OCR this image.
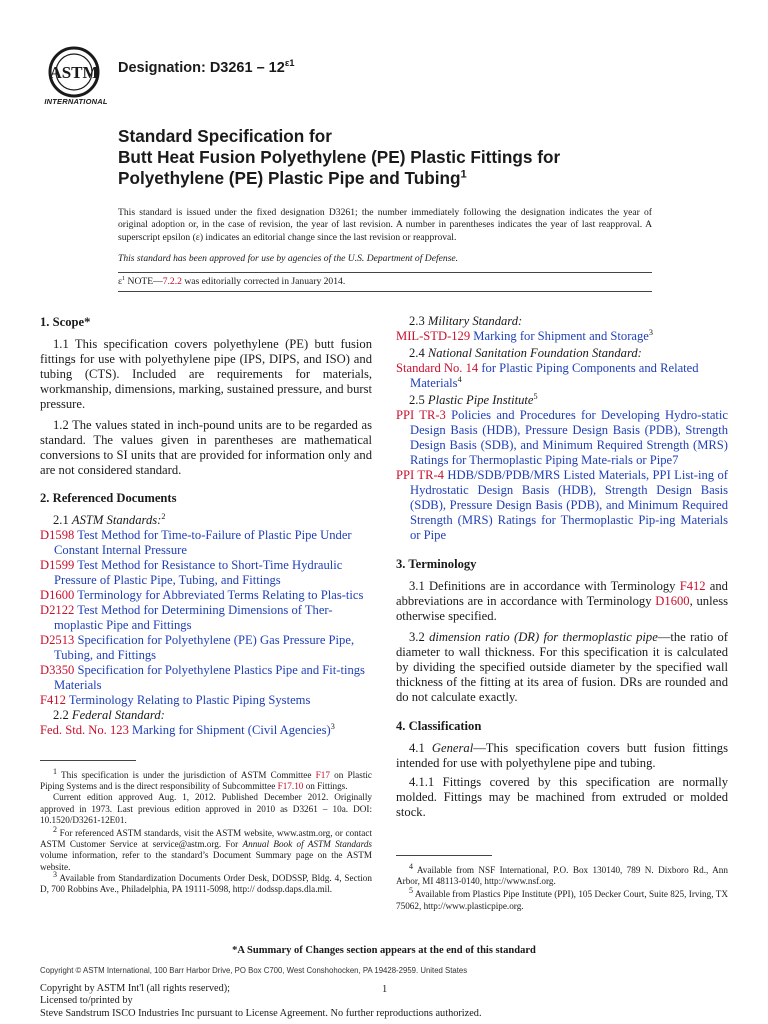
ASTM
INTERNATIONAL
Designation: $D3261 - 12^{\varepsilon 1}$
Standard Specification for
Butt Heat Fusion Polyethylene (PE) Plastic Fittings for
Polyethylene (PE) Plastic Pipe and Tubing$^1$

This standard is issued under the fixed designation D3261; the number immediately following the designation indicates the year of original adoption or, in the case of revision, the year of last revision. A number in parentheses indicates the year of last reapproval. A superscript epsilon (ε) indicates an editorial change since the last revision or reapproval.

This standard has been approved for use by agencies of the U.S. Department of Defense.

$\varepsilon^1$ NOTE—7.2.2 was editorially corrected in January 2014.

1. Scope*

1.1 This specification covers polyethylene (PE) butt fusion fittings for use with polyethylene pipe (IPS, DIPS, and ISO) and tubing (CTS). Included are requirements for materials, workmanship, dimensions, marking, sustained pressure, and burst pressure.

1.2 The values stated in inch-pound units are to be regarded as standard. The values given in parentheses are mathematical conversions to SI units that are provided for information only and are not considered standard.

2. Referenced Documents

2.1 ASTM Standards:$^2$

D1598 Test Method for Time-to-Failure of Plastic Pipe Under Constant Internal Pressure

D1599 Test Method for Resistance to Short-Time Hydraulic Pressure of Plastic Pipe, Tubing, and Fittings

D1600 Terminology for Abbreviated Terms Relating to Plas-tics

D2122 Test Method for Determining Dimensions of Ther-moplastic Pipe and Fittings

D2513 Specification for Polyethylene (PE) Gas Pressure Pipe, Tubing, and Fittings

D3350 Specification for Polyethylene Plastics Pipe and Fit-tings Materials

F412 Terminology Relating to Plastic Piping Systems

2.2 Federal Standard:

Fed. Std. No. 123 Marking for Shipment (Civil Agencies)$^3$

$^1$ This specification is under the jurisdiction of ASTM Committee F17 on Plastic Piping Systems and is the direct responsibility of Subcommittee F17.10 on Fittings.

Current edition approved Aug. 1, 2012. Published December 2012. Originally approved in 1973. Last previous edition approved in 2010 as D3261 – 10a. DOI: 10.1520/D3261-12E01.

$^2$ For referenced ASTM standards, visit the ASTM website, www.astm.org, or contact ASTM Customer Service at service@astm.org. For Annual Book of ASTM Standards volume information, refer to the standard’s Document Summary page on the ASTM website.

$^3$ Available from Standardization Documents Order Desk, DODSSP, Bldg. 4, Section D, 700 Robbins Ave., Philadelphia, PA 19111-5098, http:// dodssp.daps.dla.mil.

2.3 Military Standard:

MIL-STD-129 Marking for Shipment and Storage$^3$

2.4 National Sanitation Foundation Standard:

Standard No. 14 for Plastic Piping Components and Related Materials$^4$

2.5 Plastic Pipe Institute$^5$

PPI TR-3 Policies and Procedures for Developing Hydro-static Design Basis (HDB), Pressure Design Basis (PDB), Strength Design Basis (SDB), and Minimum Required Strength (MRS) Ratings for Thermoplastic Piping Mate-rials or Pipe7

PPI TR-4 HDB/SDB/PDB/MRS Listed Materials, PPI List-ing of Hydrostatic Design Basis (HDB), Strength Design Basis (SDB), Pressure Design Basis (PDB), and Minimum Required Strength (MRS) Ratings for Thermoplastic Pip-ing Materials or Pipe

3. Terminology

3.1 Definitions are in accordance with Terminology F412 and abbreviations are in accordance with Terminology D1600, unless otherwise specified.

3.2 dimension ratio (DR) for thermoplastic pipe—the ratio of diameter to wall thickness. For this specification it is calculated by dividing the specified outside diameter by the specified wall thickness of the fitting at its area of fusion. DRs are rounded and do not calculate exactly.

4. Classification

4.1 General—This specification covers butt fusion fittings intended for use with polyethylene pipe and tubing.

4.1.1 Fittings covered by this specification are normally molded. Fittings may be machined from extruded or molded stock.

$^4$ Available from NSF International, P.O. Box 130140, 789 N. Dixboro Rd., Ann Arbor, MI 48113-0140, http://www.nsf.org.

$^5$ Available from Plastics Pipe Institute (PPI), 105 Decker Court, Suite 825, Irving, TX 75062, http://www.plasticpipe.org.

*A Summary of Changes section appears at the end of this standard
Copyright © ASTM International, 100 Barr Harbor Drive, PO Box C700, West Conshohocken, PA 19428-2959. United States
Copyright by ASTM Int'l (all rights reserved);
Licensed to/printed by
Steve Sandstrum ISCO Industries Inc pursuant to License Agreement. No further reproductions authorized.
1
